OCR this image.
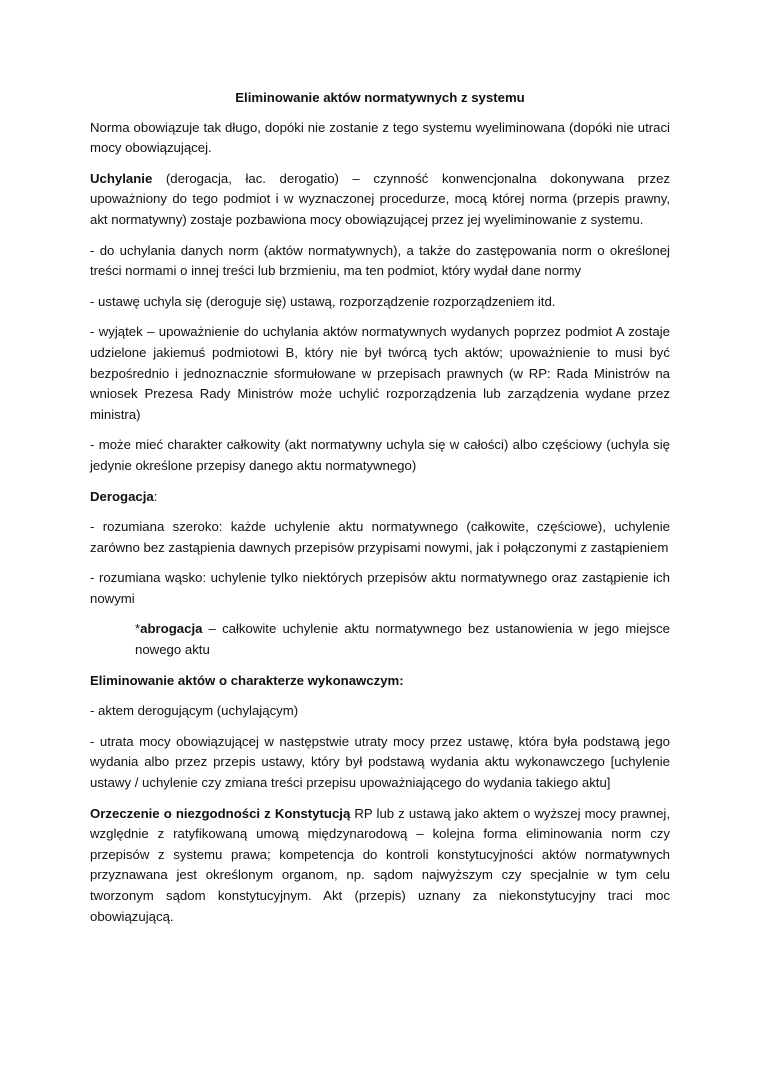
Eliminowanie aktów normatywnych z systemu

Norma obowiązuje tak długo, dopóki nie zostanie z tego systemu wyeliminowana (dopóki nie utraci mocy obowiązującej.

Uchylanie (derogacja, łac. derogatio) – czynność konwencjonalna dokonywana przez upoważniony do tego podmiot i w wyznaczonej procedurze, mocą której norma (przepis prawny, akt normatywny) zostaje pozbawiona mocy obowiązującej przez jej wyeliminowanie z systemu.

- do uchylania danych norm (aktów normatywnych), a także do zastępowania norm o określonej treści normami o innej treści lub brzmieniu, ma ten podmiot, który wydał dane normy

- ustawę uchyla się (deroguje się) ustawą, rozporządzenie rozporządzeniem itd.

- wyjątek – upoważnienie do uchylania aktów normatywnych wydanych poprzez podmiot A zostaje udzielone jakiemuś podmiotowi B, który nie był twórcą tych aktów; upoważnienie to musi być bezpośrednio i jednoznacznie sformułowane w przepisach prawnych (w RP: Rada Ministrów na wniosek Prezesa Rady Ministrów może uchylić rozporządzenia lub zarządzenia wydane przez ministra)

- może mieć charakter całkowity (akt normatywny uchyla się w całości) albo częściowy (uchyla się jedynie określone przepisy danego aktu normatywnego)

Derogacja:

- rozumiana szeroko: każde uchylenie aktu normatywnego (całkowite, częściowe), uchylenie zarówno bez zastąpienia dawnych przepisów przypisami nowymi, jak i połączonymi z zastąpieniem

- rozumiana wąsko: uchylenie tylko niektórych przepisów aktu normatywnego oraz zastąpienie ich nowymi

*abrogacja – całkowite uchylenie aktu normatywnego bez ustanowienia w jego miejsce nowego aktu

Eliminowanie aktów o charakterze wykonawczym:

- aktem derogującym (uchylającym)

- utrata mocy obowiązującej w następstwie utraty mocy przez ustawę, która była podstawą jego wydania albo przez przepis ustawy, który był podstawą wydania aktu wykonawczego [uchylenie ustawy / uchylenie czy zmiana treści przepisu upoważniającego do wydania takiego aktu]

Orzeczenie o niezgodności z Konstytucją RP lub z ustawą jako aktem o wyższej mocy prawnej, względnie z ratyfikowaną umową międzynarodową – kolejna forma eliminowania norm czy przepisów z systemu prawa; kompetencja do kontroli konstytucyjności aktów normatywnych przyznawana jest określonym organom, np. sądom najwyższym czy specjalnie w tym celu tworzonym sądom konstytucyjnym. Akt (przepis) uznany za niekonstytucyjny traci moc obowiązującą.
